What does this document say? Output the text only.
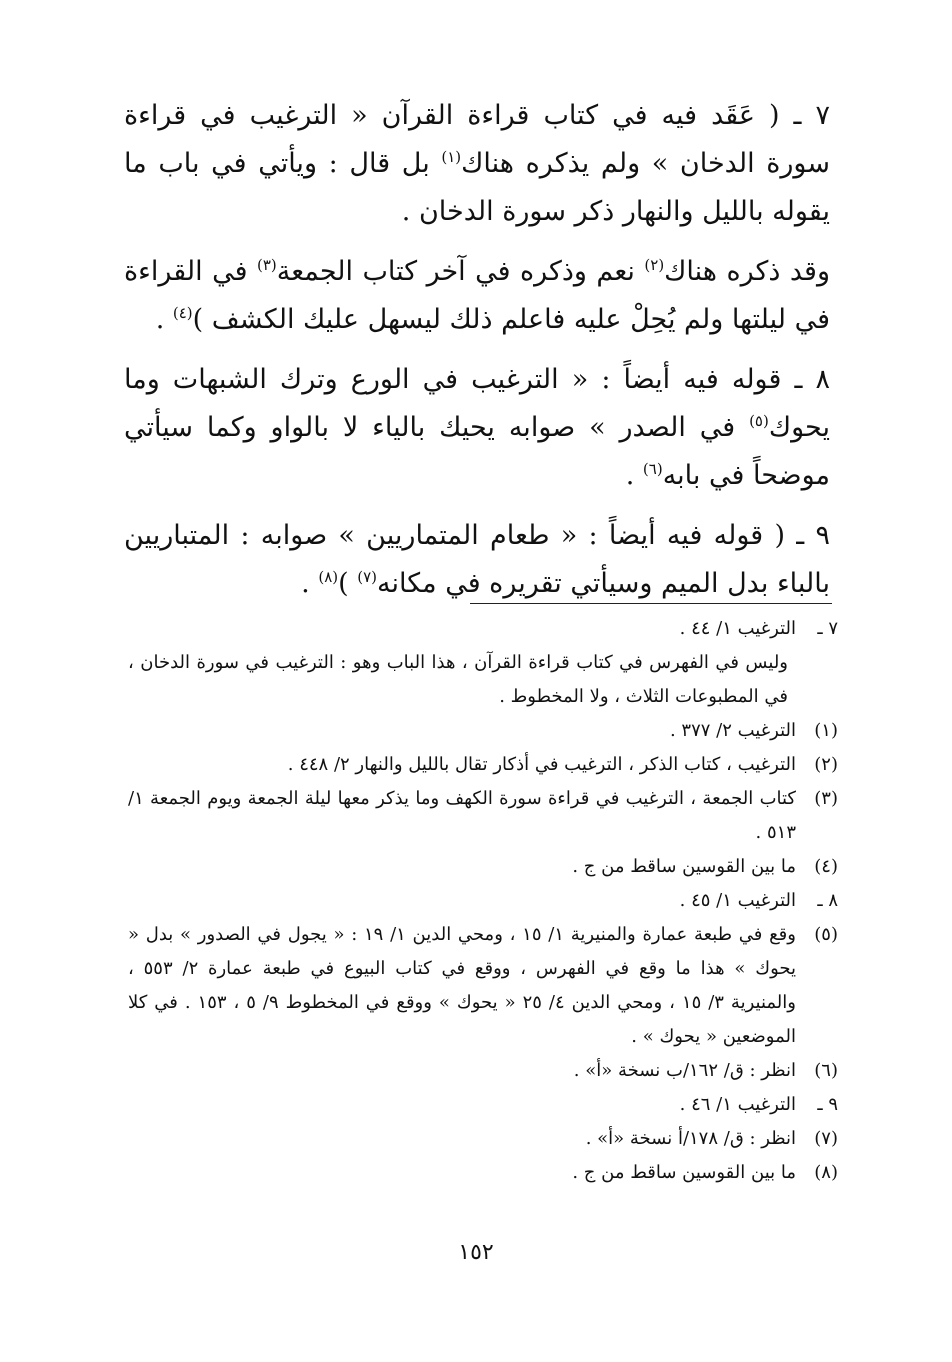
٧ ـ ( عَقَد فيه في كتاب قراءة القرآن « الترغيب في قراءة سورة الدخان » ولم يذكره هناك$^{(١)}$ بل قال : ويأتي في باب ما يقوله بالليل والنهار ذكر سورة الدخان .

وقد ذكره هناك$^{(٢)}$ نعم وذكره في آخر كتاب الجمعة$^{(٣)}$ في القراءة في ليلتها ولم يُحِلْ عليه فاعلم ذلك ليسهل عليك الكشف )$^{(٤)}$ .

٨ ـ قوله فيه أيضاً : « الترغيب في الورع وترك الشبهات وما يحوك$^{(٥)}$ في الصدر » صوابه يحيك بالياء لا بالواو وكما سيأتي موضحاً في بابه$^{(٦)}$ .

٩ ـ ( قوله فيه أيضاً : « طعام المتماريين » صوابه : المتباريين بالباء بدل الميم وسيأتي تقريره في مكانه$^{(٧)}$ )$^{(٨)}$ .

٧ ـ
الترغيب ١/ ٤٤ .
وليس في الفهرس في كتاب قراءة القرآن ، هذا الباب وهو : الترغيب في سورة الدخان ، في المطبوعات الثلاث ، ولا المخطوط .
(١)
الترغيب ٢/ ٣٧٧ .
(٢)
الترغيب ، كتاب الذكر ، الترغيب في أذكار تقال بالليل والنهار ٢/ ٤٤٨ .
(٣)
كتاب الجمعة ، الترغيب في قراءة سورة الكهف وما يذكر معها ليلة الجمعة ويوم الجمعة ١/ ٥١٣ .
(٤)
ما بين القوسين ساقط من ج .
٨ ـ
الترغيب ١/ ٤٥ .
(٥)
وقع في طبعة عمارة والمنيرية ١/ ١٥ ، ومحي الدين ١/ ١٩ : « يجول في الصدور » بدل « يحوك » هذا ما وقع في الفهرس ، ووقع في كتاب البيوع في طبعة عمارة ٢/ ٥٥٣ ، والمنيرية ٣/ ١٥ ، ومحي الدين ٤/ ٢٥ « يحوك » ووقع في المخطوط ٩/ ٥ ، ١٥٣ . في كلا الموضعين « يحوك » .
(٦)
انظر : ق/ ١٦٢/ب نسخة «أ» .
٩ ـ
الترغيب ١/ ٤٦ .
(٧)
انظر : ق/ ١٧٨/أ نسخة «أ» .
(٨)
ما بين القوسين ساقط من ج .
١٥٢
